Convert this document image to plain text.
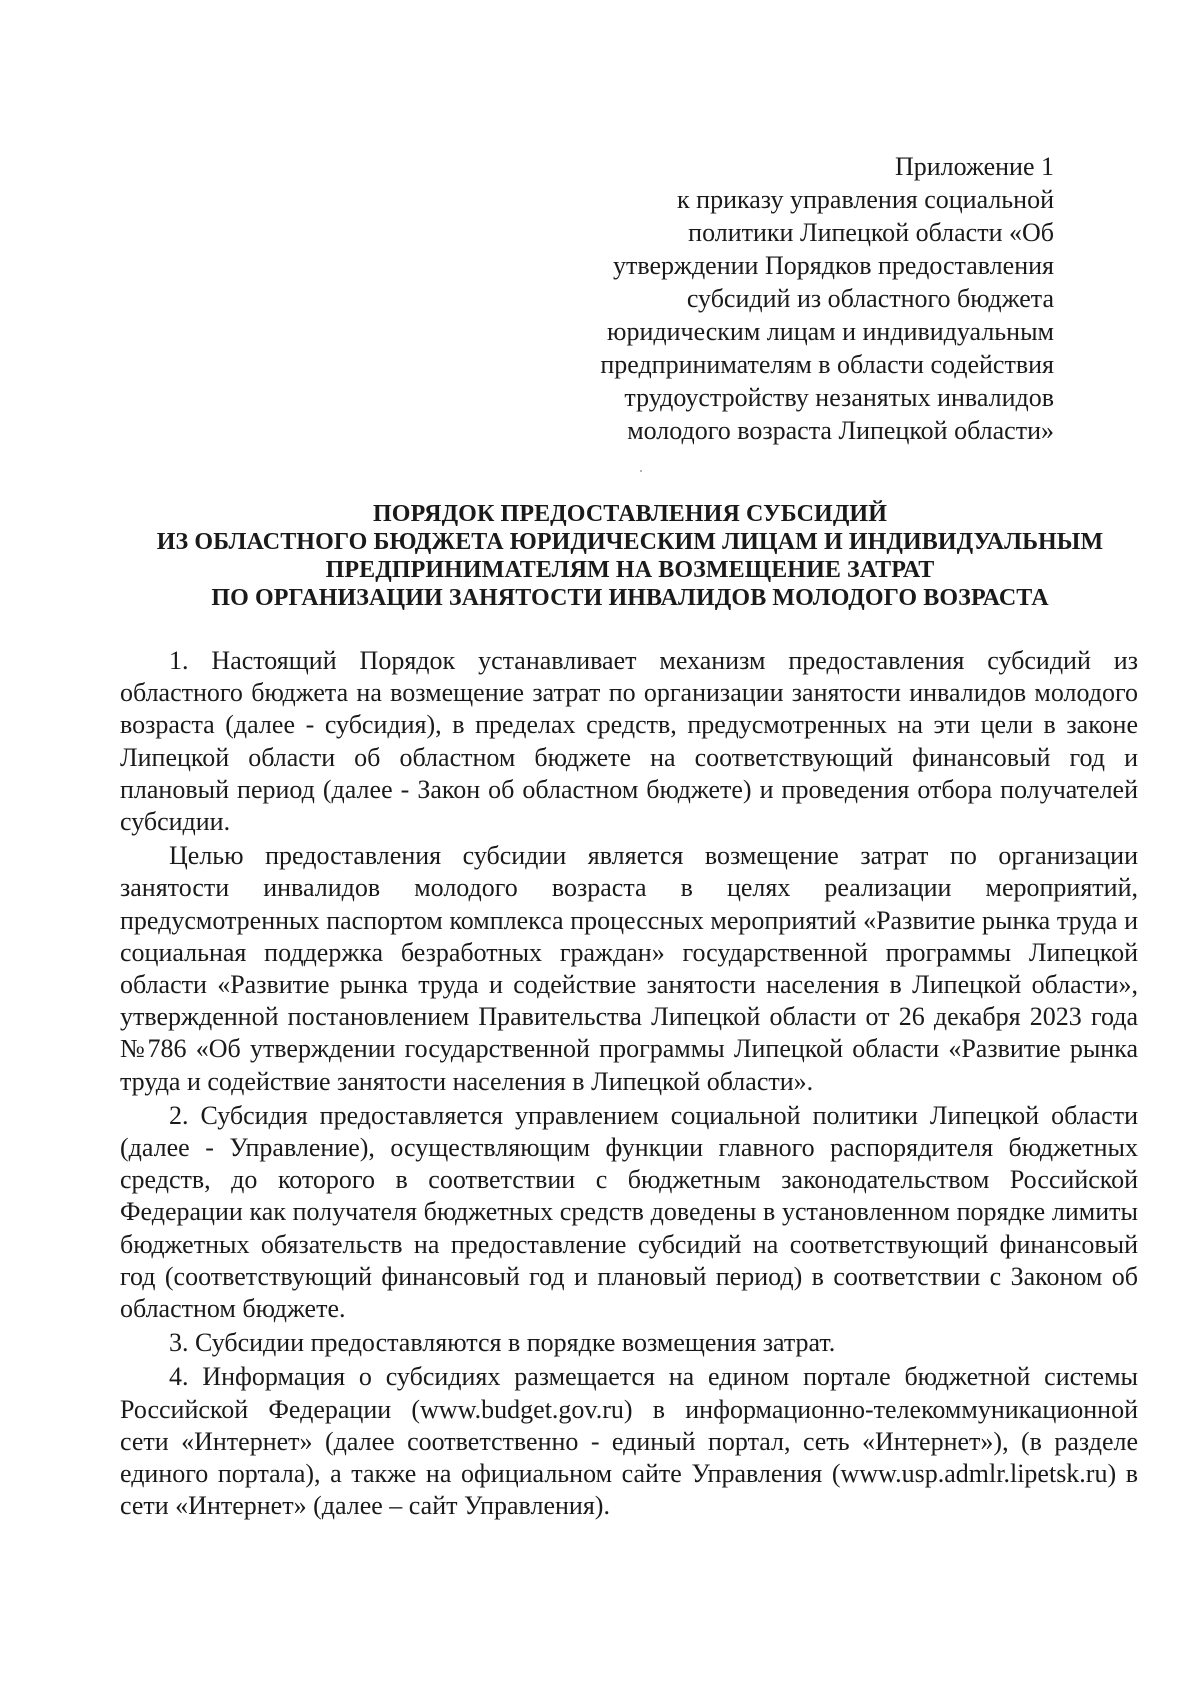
Приложение 1
к приказу управления социальной
политики Липецкой области «Об
утверждении Порядков предоставления
субсидий из областного бюджета
юридическим лицам и индивидуальным
предпринимателям в области содействия
трудоустройству незанятых инвалидов
молодого возраста Липецкой области»
ПОРЯДОК ПРЕДОСТАВЛЕНИЯ СУБСИДИЙ
ИЗ ОБЛАСТНОГО БЮДЖЕТА ЮРИДИЧЕСКИМ ЛИЦАМ И ИНДИВИДУАЛЬНЫМ
ПРЕДПРИНИМАТЕЛЯМ НА ВОЗМЕЩЕНИЕ ЗАТРАТ
ПО ОРГАНИЗАЦИИ ЗАНЯТОСТИ ИНВАЛИДОВ МОЛОДОГО ВОЗРАСТА

1. Настоящий Порядок устанавливает механизм предоставления субсидий из областного бюджета на возмещение затрат по организации занятости инвалидов молодого возраста (далее - субсидия), в пределах средств, предусмотренных на эти цели в законе Липецкой области об областном бюджете на соответствующий финансовый год и плановый период (далее - Закон об областном бюджете) и проведения отбора получателей субсидии.

Целью предоставления субсидии является возмещение затрат по организации занятости инвалидов молодого возраста в целях реализации мероприятий, предусмотренных паспортом комплекса процессных мероприятий «Развитие рынка труда и социальная поддержка безработных граждан» государственной программы Липецкой области «Развитие рынка труда и содействие занятости населения в Липецкой области», утвержденной постановлением Правительства Липецкой области от 26 декабря 2023 года №786 «Об утверждении государственной программы Липецкой области «Развитие рынка труда и содействие занятости населения в Липецкой области».

2. Субсидия предоставляется управлением социальной политики Липецкой области (далее - Управление), осуществляющим функции главного распорядителя бюджетных средств, до которого в соответствии с бюджетным законодательством Российской Федерации как получателя бюджетных средств доведены в установленном порядке лимиты бюджетных обязательств на предоставление субсидий на соответствующий финансовый год (соответствующий финансовый год и плановый период) в соответствии с Законом об областном бюджете.

3. Субсидии предоставляются в порядке возмещения затрат.

4. Информация о субсидиях размещается на едином портале бюджетной системы Российской Федерации (www.budget.gov.ru) в информационно-телекоммуникационной сети «Интернет» (далее соответственно - единый портал, сеть «Интернет»), (в разделе единого портала), а также на официальном сайте Управления (www.usp.admlr.lipetsk.ru) в сети «Интернет» (далее – сайт Управления).
